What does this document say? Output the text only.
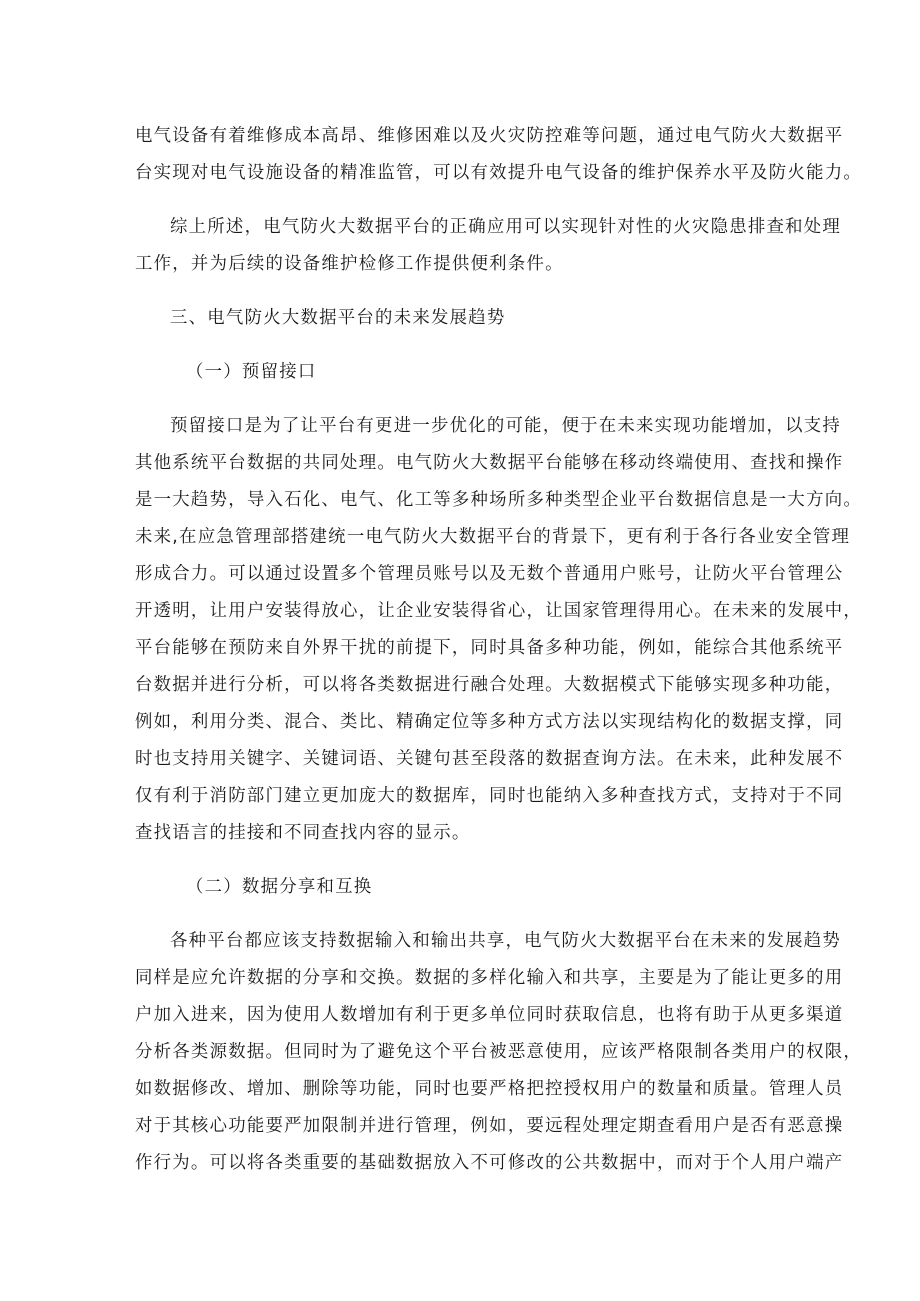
电气设备有着维修成本高昂、维修困难以及火灾防控难等问题，通过电气防火大数据平
台实现对电气设施设备的精准监管，可以有效提升电气设备的维护保养水平及防火能力。
综上所述，电气防火大数据平台的正确应用可以实现针对性的火灾隐患排查和处理
工作，并为后续的设备维护检修工作提供便利条件。
三、电气防火大数据平台的未来发展趋势
（一）预留接口
预留接口是为了让平台有更进一步优化的可能，便于在未来实现功能增加，以支持
其他系统平台数据的共同处理。电气防火大数据平台能够在移动终端使用、查找和操作
是一大趋势，导入石化、电气、化工等多种场所多种类型企业平台数据信息是一大方向。
未来,在应急管理部搭建统一电气防火大数据平台的背景下，更有利于各行各业安全管理
形成合力。可以通过设置多个管理员账号以及无数个普通用户账号，让防火平台管理公
开透明，让用户安装得放心，让企业安装得省心，让国家管理得用心。在未来的发展中，
平台能够在预防来自外界干扰的前提下，同时具备多种功能，例如，能综合其他系统平
台数据并进行分析，可以将各类数据进行融合处理。大数据模式下能够实现多种功能，
例如，利用分类、混合、类比、精确定位等多种方式方法以实现结构化的数据支撑，同
时也支持用关键字、关键词语、关键句甚至段落的数据查询方法。在未来，此种发展不
仅有利于消防部门建立更加庞大的数据库，同时也能纳入多种查找方式，支持对于不同
查找语言的挂接和不同查找内容的显示。
（二）数据分享和互换
各种平台都应该支持数据输入和输出共享，电气防火大数据平台在未来的发展趋势
同样是应允许数据的分享和交换。数据的多样化输入和共享，主要是为了能让更多的用
户加入进来，因为使用人数增加有利于更多单位同时获取信息，也将有助于从更多渠道
分析各类源数据。但同时为了避免这个平台被恶意使用，应该严格限制各类用户的权限，
如数据修改、增加、删除等功能，同时也要严格把控授权用户的数量和质量。管理人员
对于其核心功能要严加限制并进行管理，例如，要远程处理定期查看用户是否有恶意操
作行为。可以将各类重要的基础数据放入不可修改的公共数据中，而对于个人用户端产
